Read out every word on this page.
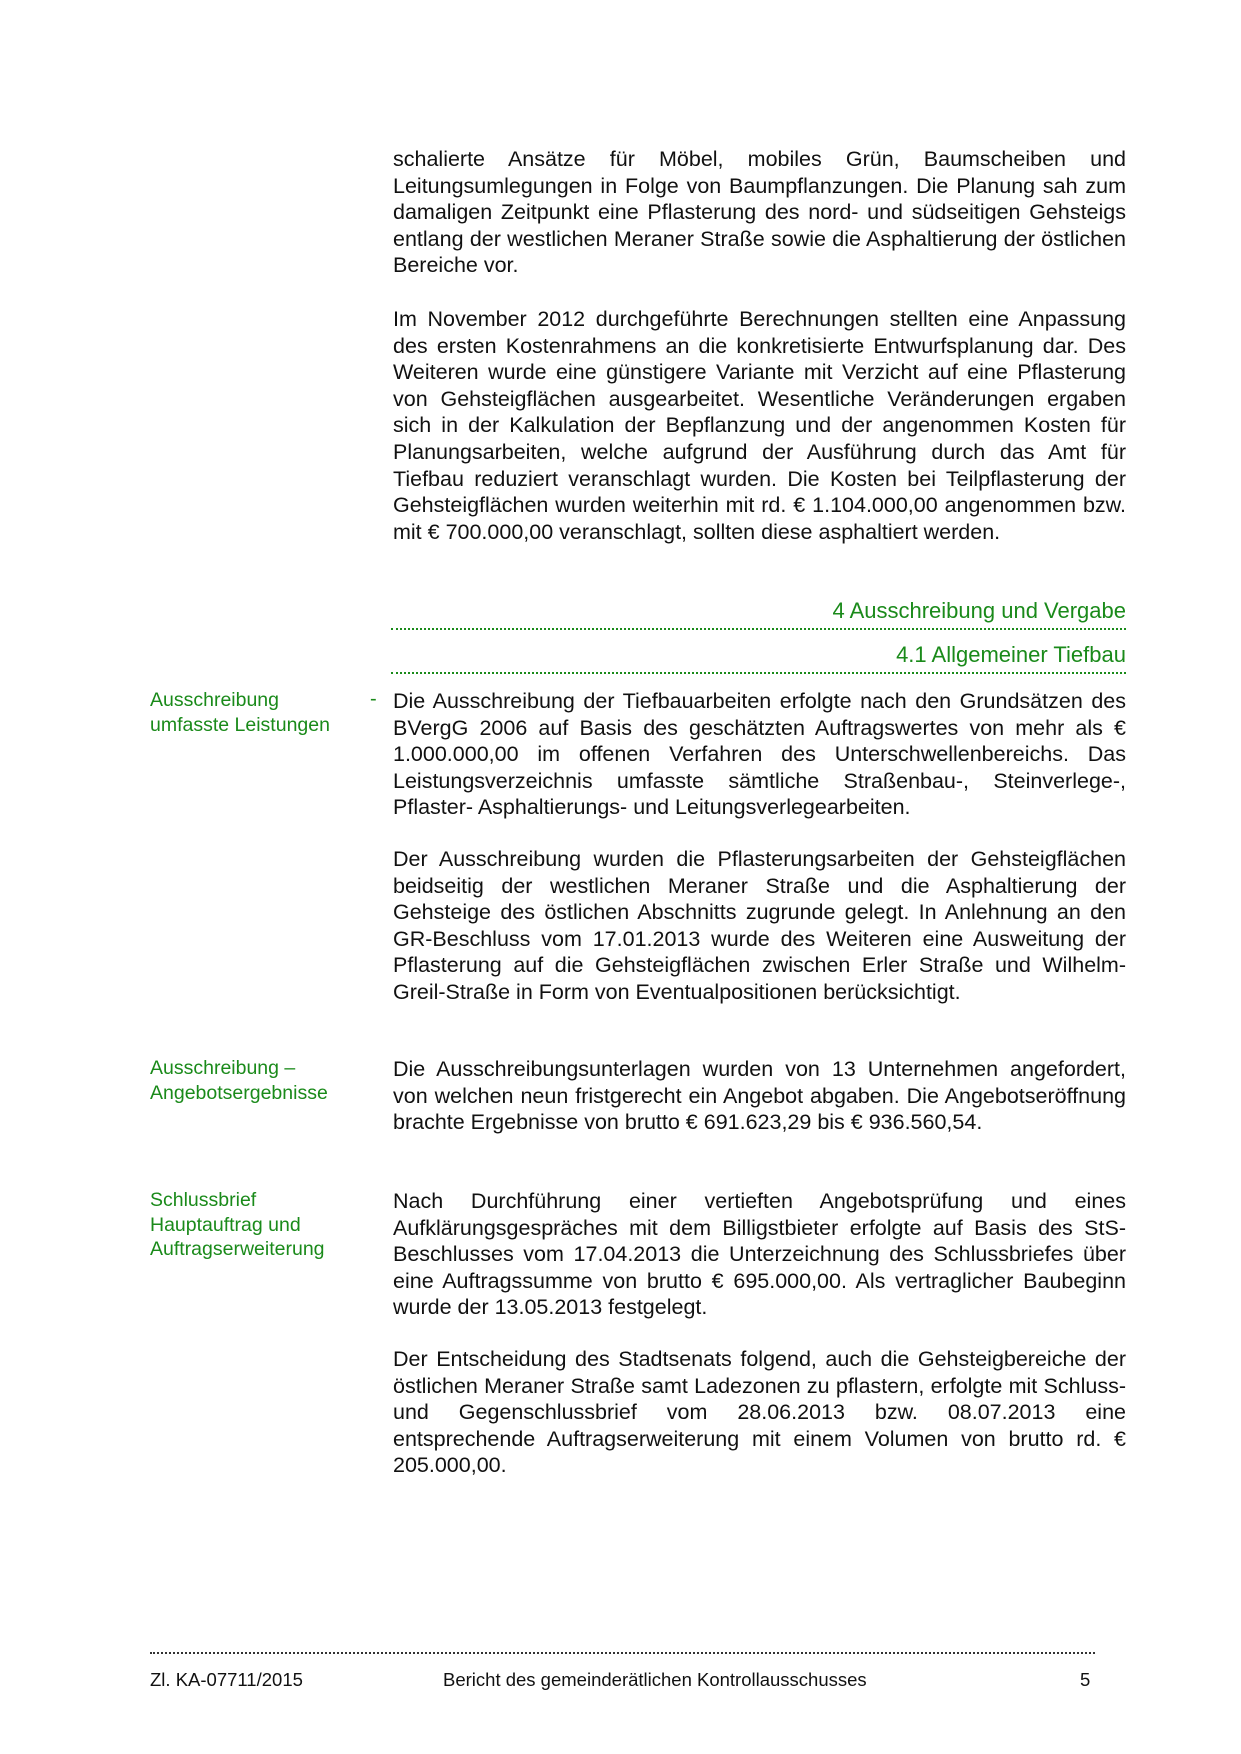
schalierte Ansätze für Möbel, mobiles Grün, Baumscheiben und Leitungsumlegungen in Folge von Baumpflanzungen. Die Planung sah zum damaligen Zeitpunkt eine Pflasterung des nord- und südseitigen Gehsteigs entlang der westlichen Meraner Straße sowie die Asphaltierung der östlichen Bereiche vor.

Im November 2012 durchgeführte Berechnungen stellten eine Anpassung des ersten Kostenrahmens an die konkretisierte Entwurfsplanung dar. Des Weiteren wurde eine günstigere Variante mit Verzicht auf eine Pflasterung von Gehsteigflächen ausgearbeitet. Wesentliche Veränderungen ergaben sich in der Kalkulation der Bepflanzung und der angenommen Kosten für Planungsarbeiten, welche aufgrund der Ausführung durch das Amt für Tiefbau reduziert veranschlagt wurden. Die Kosten bei Teilpflasterung der Gehsteigflächen wurden weiterhin mit rd. € 1.104.000,00 angenommen bzw. mit € 700.000,00 veranschlagt, sollten diese asphaltiert werden.

4 Ausschreibung und Vergabe
4.1 Allgemeiner Tiefbau
Ausschreibung
umfasste Leistungen
- Die Ausschreibung der Tiefbauarbeiten erfolgte nach den Grundsätzen des BVergG 2006 auf Basis des geschätzten Auftragswertes von mehr als € 1.000.000,00 im offenen Verfahren des Unterschwellenbereichs. Das Leistungsverzeichnis umfasste sämtliche Straßenbau-, Steinverlege-, Pflaster- Asphaltierungs- und Leitungsverlegearbeiten.

Der Ausschreibung wurden die Pflasterungsarbeiten der Gehsteigflächen beidseitig der westlichen Meraner Straße und die Asphaltierung der Gehsteige des östlichen Abschnitts zugrunde gelegt. In Anlehnung an den GR-Beschluss vom 17.01.2013 wurde des Weiteren eine Ausweitung der Pflasterung auf die Gehsteigflächen zwischen Erler Straße und Wilhelm-Greil-Straße in Form von Eventualpositionen berücksichtigt.

Ausschreibung –
Angebotsergebnisse

Die Ausschreibungsunterlagen wurden von 13 Unternehmen angefordert, von welchen neun fristgerecht ein Angebot abgaben. Die Angebotseröffnung brachte Ergebnisse von brutto € 691.623,29 bis € 936.560,54.

Schlussbrief
Hauptauftrag und
Auftragserweiterung

Nach Durchführung einer vertieften Angebotsprüfung und eines Aufklärungsgespräches mit dem Billigstbieter erfolgte auf Basis des StS-Beschlusses vom 17.04.2013 die Unterzeichnung des Schlussbriefes über eine Auftragssumme von brutto € 695.000,00. Als vertraglicher Baubeginn wurde der 13.05.2013 festgelegt.

Der Entscheidung des Stadtsenats folgend, auch die Gehsteigbereiche der östlichen Meraner Straße samt Ladezonen zu pflastern, erfolgte mit Schluss- und Gegenschlussbrief vom 28.06.2013 bzw. 08.07.2013 eine entsprechende Auftragserweiterung mit einem Volumen von brutto rd. € 205.000,00.

Zl. KA-07711/2015	Bericht des gemeinderätlichen Kontrollausschusses	5
